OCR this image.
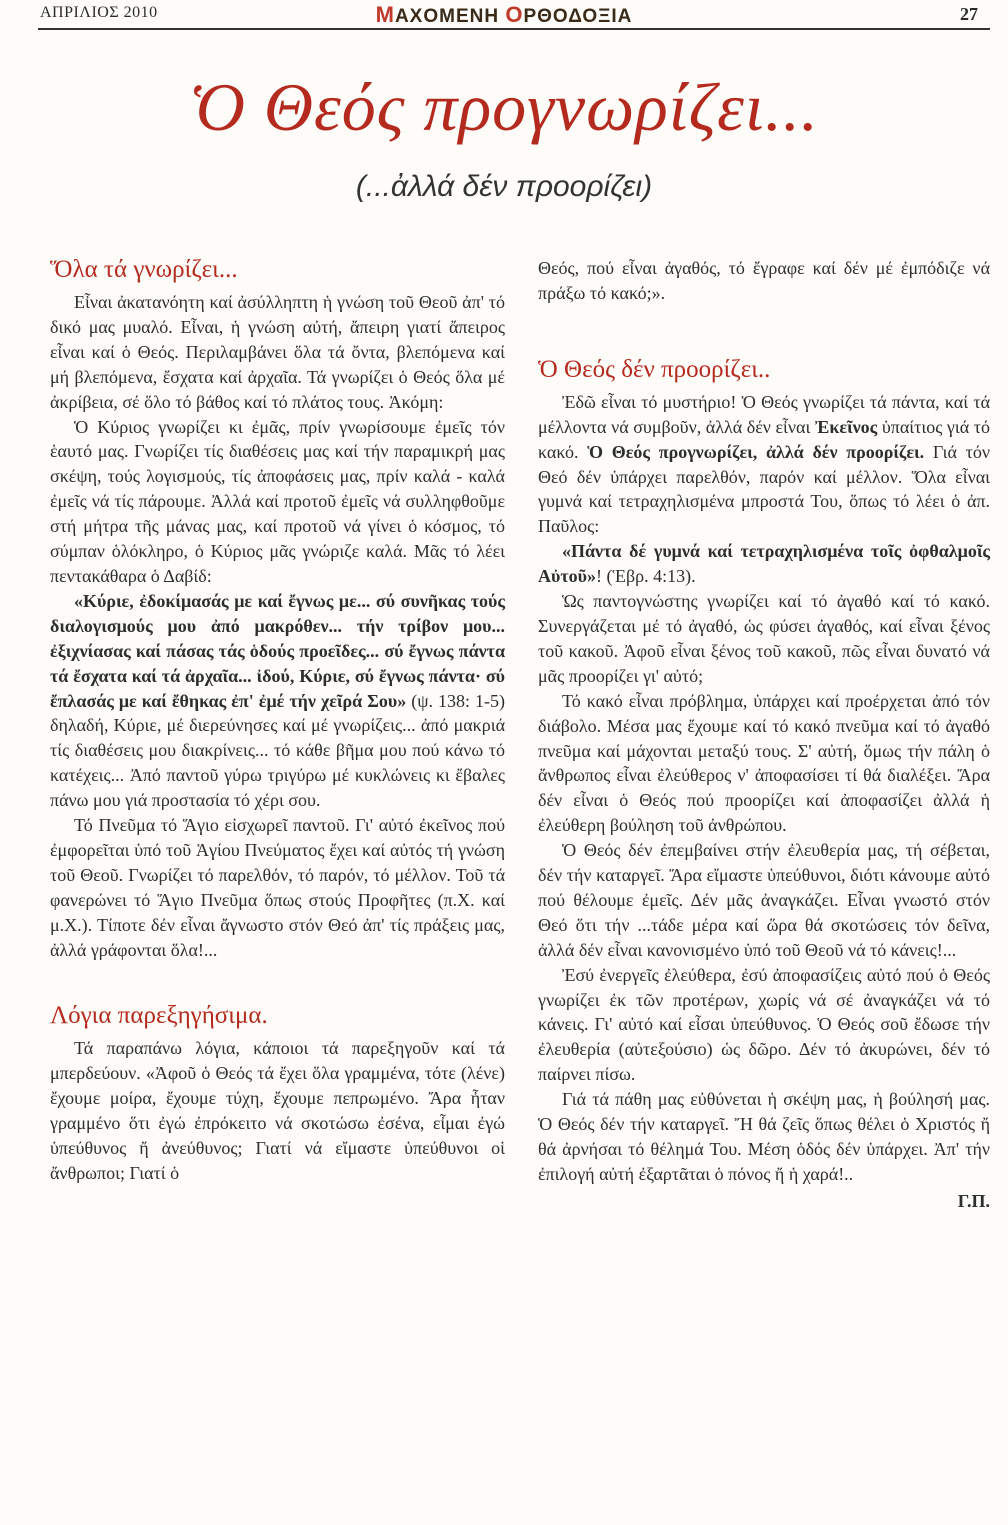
ΑΠΡΙΛΙΟΣ 2010	ΜΑΧΟΜΕΝΗ ΟΡΘΟΔΟΞΙΑ	27
Ὁ Θεός προγνωρίζει...
(...ἀλλά δέν προορίζει)
Ὅλα τά γνωρίζει...

Εἶναι ἀκατανόητη καί ἀσύλληπτη ἡ γνώση τοῦ Θεοῦ ἀπ' τό δικό μας μυαλό. Εἶναι, ἡ γνώση αὐτή, ἄπειρη γιατί ἄπειρος εἶναι καί ὁ Θεός. Περιλαμβάνει ὅλα τά ὄντα, βλεπόμενα καί μή βλεπόμενα, ἔσχατα καί ἀρχαῖα. Τά γνωρίζει ὁ Θεός ὅλα μέ ἀκρίβεια, σέ ὅλο τό βάθος καί τό πλάτος τους. Ἀκόμη:

Ὁ Κύριος γνωρίζει κι ἐμᾶς, πρίν γνωρίσουμε ἐμεῖς τόν ἑαυτό μας. Γνωρίζει τίς διαθέσεις μας καί τήν παραμικρή μας σκέψη, τούς λογισμούς, τίς ἀποφάσεις μας, πρίν καλά - καλά ἐμεῖς νά τίς πάρουμε. Ἀλλά καί προτοῦ ἐμεῖς νά συλληφθοῦμε στή μήτρα τῆς μάνας μας, καί προτοῦ νά γίνει ὁ κόσμος, τό σύμπαν ὁλόκληρο, ὁ Κύριος μᾶς γνώριζε καλά. Μᾶς τό λέει πεντακάθαρα ὁ Δαβίδ:

«Κύριε, ἐδοκίμασάς με καί ἔγνως με... σύ συνῆκας τούς διαλογισμούς μου ἀπό μακρόθεν... τήν τρίβον μου... ἐξιχνίασας καί πάσας τάς ὁδούς προεῖδες... σύ ἔγνως πάντα τά ἔσχατα καί τά ἀρχαῖα... ἰδού, Κύριε, σύ ἔγνως πάντα· σύ ἔπλασάς με καί ἔθηκας ἐπ' ἐμέ τήν χεῖρά Σου» (ψ. 138: 1-5) δηλαδή, Κύριε, μέ διερεύνησες καί μέ γνωρίζεις... ἀπό μακριά τίς διαθέσεις μου διακρίνεις... τό κάθε βῆμα μου πού κάνω τό κατέχεις... Ἀπό παντοῦ γύρω τριγύρω μέ κυκλώνεις κι ἔβαλες πάνω μου γιά προστασία τό χέρι σου.

Τό Πνεῦμα τό Ἅγιο εἰσχωρεῖ παντοῦ. Γι' αὐτό ἐκεῖνος πού ἐμφορεῖται ὑπό τοῦ Ἁγίου Πνεύματος ἔχει καί αὐτός τή γνώση τοῦ Θεοῦ. Γνωρίζει τό παρελθόν, τό παρόν, τό μέλλον. Τοῦ τά φανερώνει τό Ἅγιο Πνεῦμα ὅπως στούς Προφῆτες (π.Χ. καί μ.Χ.). Τίποτε δέν εἶναι ἄγνωστο στόν Θεό ἀπ' τίς πράξεις μας, ἀλλά γράφονται ὅλα!...

Λόγια παρεξηγήσιμα.

Τά παραπάνω λόγια, κάποιοι τά παρεξηγοῦν καί τά μπερδεύουν. «Ἀφοῦ ὁ Θεός τά ἔχει ὅλα γραμμένα, τότε (λένε) ἔχουμε μοίρα, ἔχουμε τύχη, ἔχουμε πεπρωμένο. Ἄρα ἦταν γραμμένο ὅτι ἐγώ ἐπρόκειτο νά σκοτώσω ἐσένα, εἶμαι ἐγώ ὑπεύθυνος ἤ ἀνεύθυνος; Γιατί νά εἴμαστε ὑπεύθυνοι οἱ ἄνθρωποι; Γιατί ὁ

Θεός, πού εἶναι ἀγαθός, τό ἔγραφε καί δέν μέ ἐμπόδιζε νά πράξω τό κακό;».

Ὁ Θεός δέν προορίζει..

Ἐδῶ εἶναι τό μυστήριο! Ὁ Θεός γνωρίζει τά πάντα, καί τά μέλλοντα νά συμβοῦν, ἀλλά δέν εἶναι Ἐκεῖνος ὑπαίτιος γιά τό κακό. Ὁ Θεός προγνωρίζει, ἀλλά δέν προορίζει. Γιά τόν Θεό δέν ὑπάρχει παρελθόν, παρόν καί μέλλον. Ὅλα εἶναι γυμνά καί τετραχηλισμένα μπροστά Του, ὅπως τό λέει ὁ ἀπ. Παῦλος:

«Πάντα δέ γυμνά καί τετραχηλισμένα τοῖς ὀφθαλμοῖς Αὐτοῦ»! (Ἑβρ. 4:13).

Ὡς παντογνώστης γνωρίζει καί τό ἀγαθό καί τό κακό. Συνεργάζεται μέ τό ἀγαθό, ὡς φύσει ἀγαθός, καί εἶναι ξένος τοῦ κακοῦ. Ἀφοῦ εἶναι ξένος τοῦ κακοῦ, πῶς εἶναι δυνατό νά μᾶς προορίζει γι' αὐτό;

Τό κακό εἶναι πρόβλημα, ὑπάρχει καί προέρχεται ἀπό τόν διάβολο. Μέσα μας ἔχουμε καί τό κακό πνεῦμα καί τό ἀγαθό πνεῦμα καί μάχονται μεταξύ τους. Σ' αὐτή, ὅμως τήν πάλη ὁ ἄνθρωπος εἶναι ἐλεύθερος ν' ἀποφασίσει τί θά διαλέξει. Ἄρα δέν εἶναι ὁ Θεός πού προορίζει καί ἀποφασίζει ἀλλά ἡ ἐλεύθερη βούληση τοῦ ἀνθρώπου.

Ὁ Θεός δέν ἐπεμβαίνει στήν ἐλευθερία μας, τή σέβεται, δέν τήν καταργεῖ. Ἄρα εἴμαστε ὑπεύθυνοι, διότι κάνουμε αὐτό πού θέλουμε ἐμεῖς. Δέν μᾶς ἀναγκάζει. Εἶναι γνωστό στόν Θεό ὅτι τήν ...τάδε μέρα καί ὥρα θά σκοτώσεις τόν δεῖνα, ἀλλά δέν εἶναι κανονισμένο ὑπό τοῦ Θεοῦ νά τό κάνεις!...

Ἐσύ ἐνεργεῖς ἐλεύθερα, ἐσύ ἀποφασίζεις αὐτό πού ὁ Θεός γνωρίζει ἐκ τῶν προτέρων, χωρίς νά σέ ἀναγκάζει νά τό κάνεις. Γι' αὐτό καί εἶσαι ὑπεύθυνος. Ὁ Θεός σοῦ ἔδωσε τήν ἐλευθερία (αὐτεξούσιο) ὡς δῶρο. Δέν τό ἀκυρώνει, δέν τό παίρνει πίσω.

Γιά τά πάθη μας εὐθύνεται ἡ σκέψη μας, ἡ βούλησή μας. Ὁ Θεός δέν τήν καταργεῖ. Ἤ θά ζεῖς ὅπως θέλει ὁ Χριστός ἤ θά ἀρνήσαι τό θέλημά Του. Μέση ὁδός δέν ὑπάρχει. Ἀπ' τήν ἐπιλογή αὐτή ἐξαρτᾶται ὁ πόνος ἤ ἡ χαρά!..

Γ.Π.
